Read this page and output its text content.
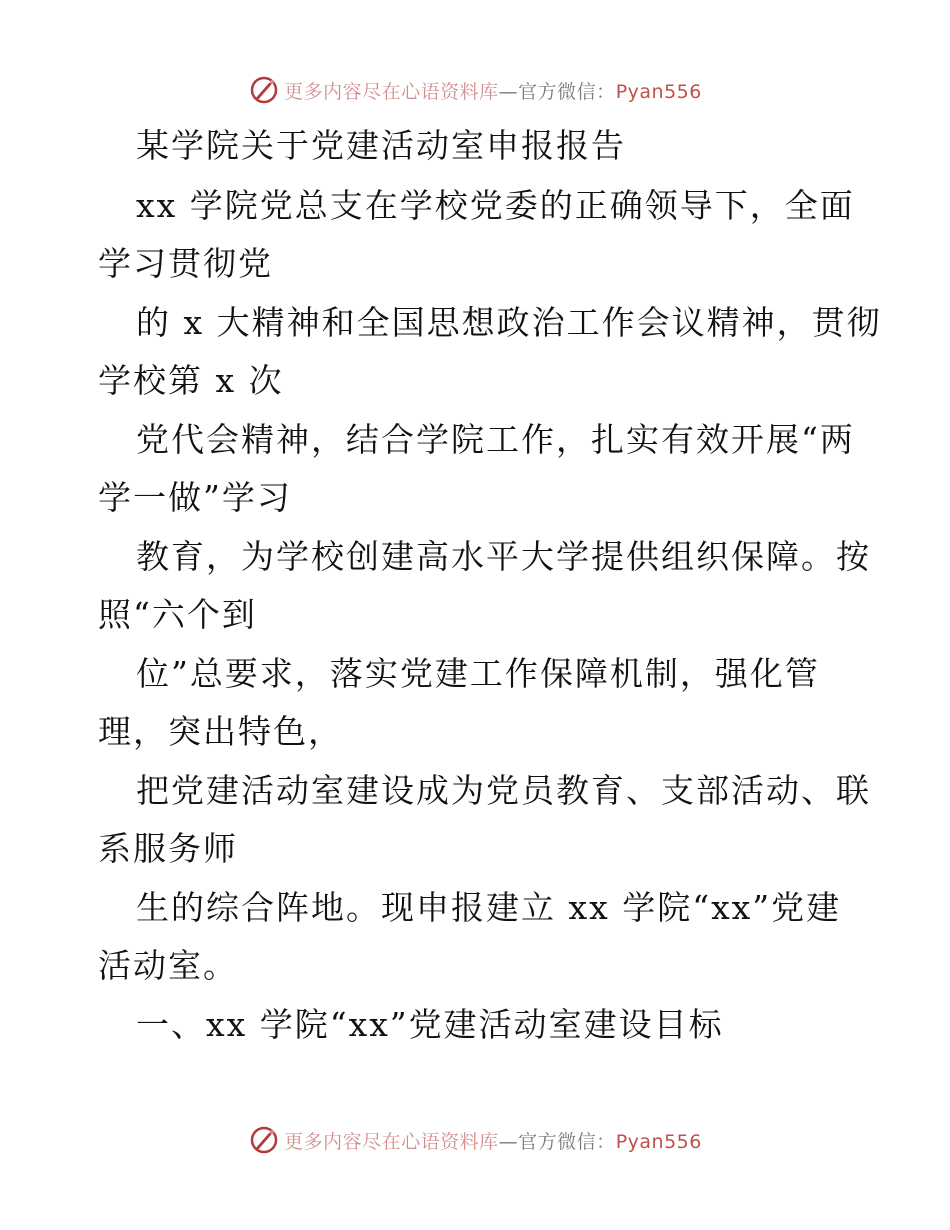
更多内容尽在心语资料库—官方微信：Pyan556
某学院关于党建活动室申报报告
xx 学院党总支在学校党委的正确领导下，全面
学习贯彻党
的 x 大精神和全国思想政治工作会议精神，贯彻
学校第 x 次
党代会精神，结合学院工作，扎实有效开展“两
学一做”学习
教育，为学校创建高水平大学提供组织保障。按
照“六个到
位”总要求，落实党建工作保障机制，强化管
理，突出特色，
把党建活动室建设成为党员教育、支部活动、联
系服务师
生的综合阵地。现申报建立 xx 学院“xx”党建
活动室。
一、xx 学院“xx”党建活动室建设目标
更多内容尽在心语资料库—官方微信：Pyan556
